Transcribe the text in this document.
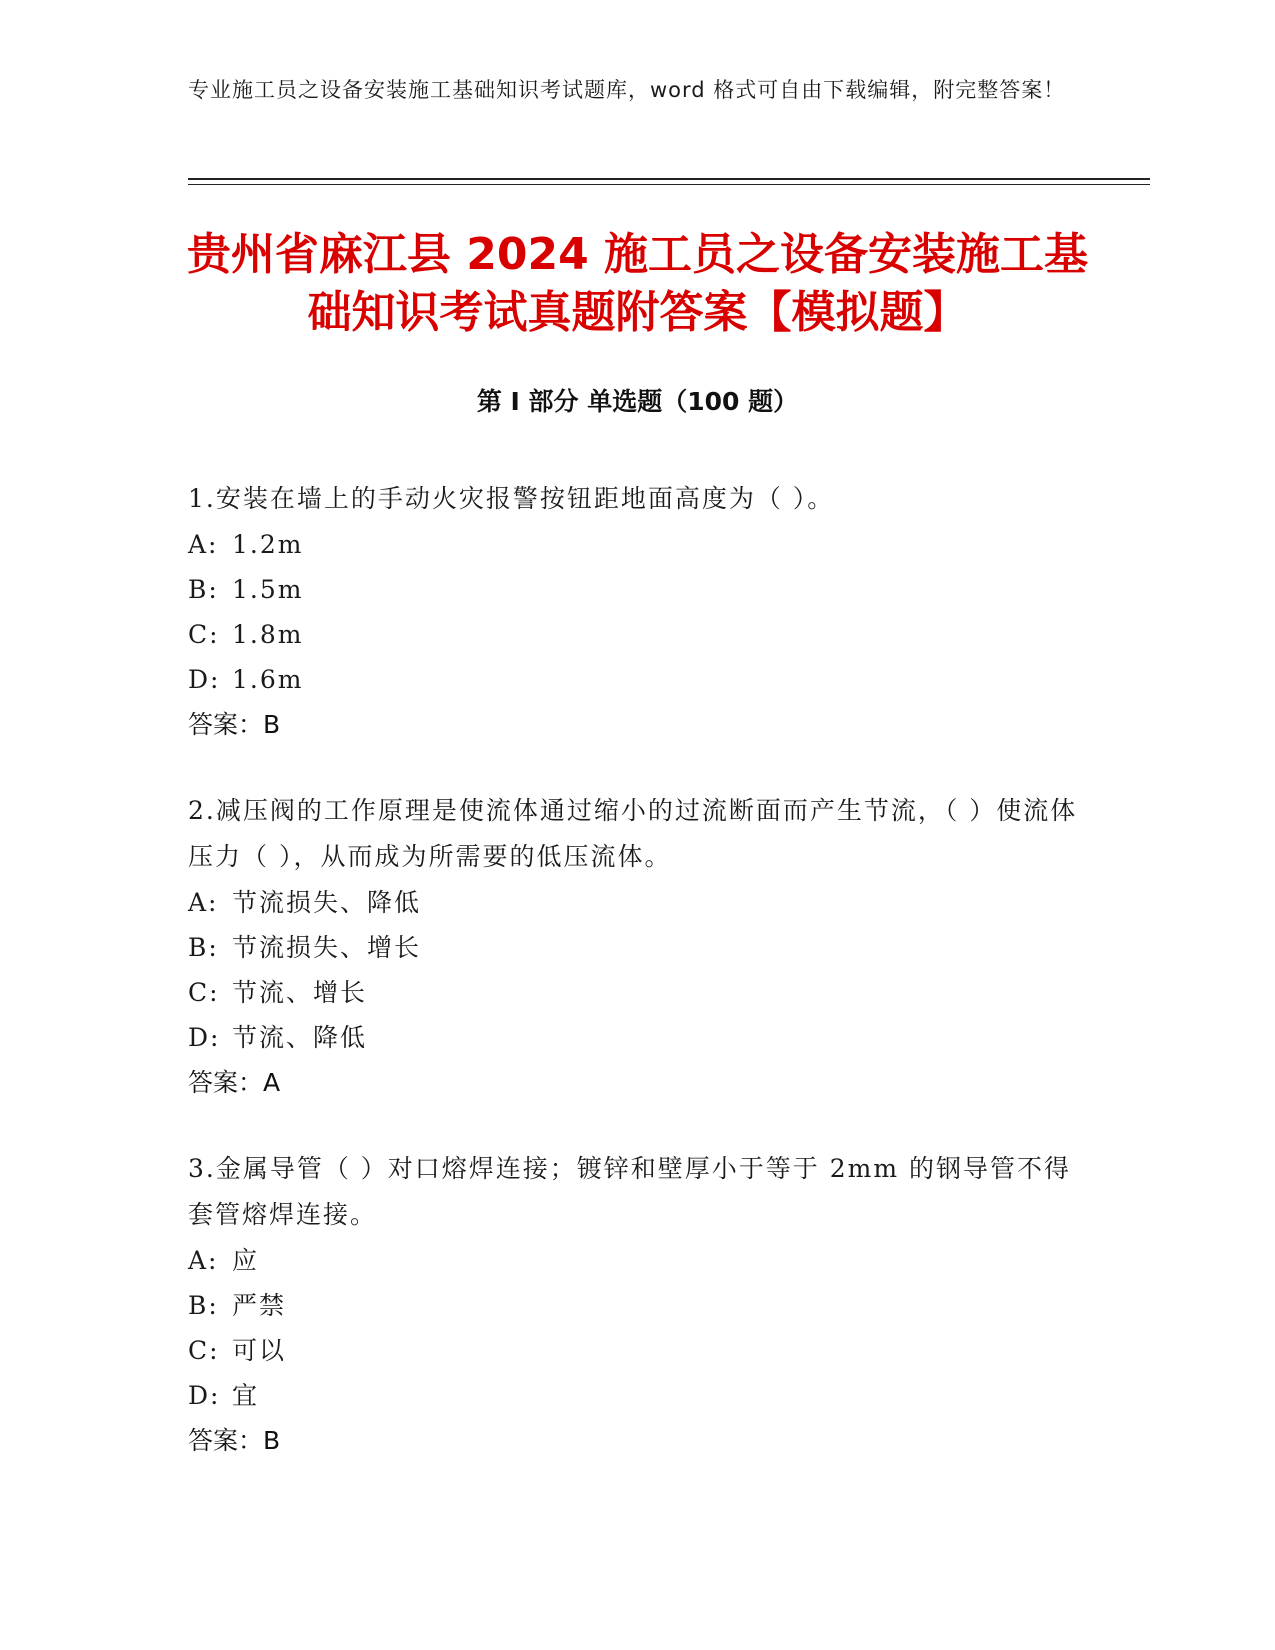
专业施工员之设备安装施工基础知识考试题库，word 格式可自由下载编辑，附完整答案！
贵州省麻江县 2024 施工员之设备安装施工基
础知识考试真题附答案【模拟题】
第 I 部分 单选题（100 题）

1.安装在墙上的手动火灾报警按钮距地面高度为（ ）。

A: 1.2m
B: 1.5m
C: 1.8m
D: 1.6m
答案：B

2.减压阀的工作原理是使流体通过缩小的过流断面而产生节流，（ ）使流体压力（ ），从而成为所需要的低压流体。

A: 节流损失、降低
B: 节流损失、增长
C: 节流、增长
D: 节流、降低
答案：A

3.金属导管（ ）对口熔焊连接；镀锌和壁厚小于等于 2mm 的钢导管不得套管熔焊连接。

A: 应
B: 严禁
C: 可以
D: 宜
答案：B
